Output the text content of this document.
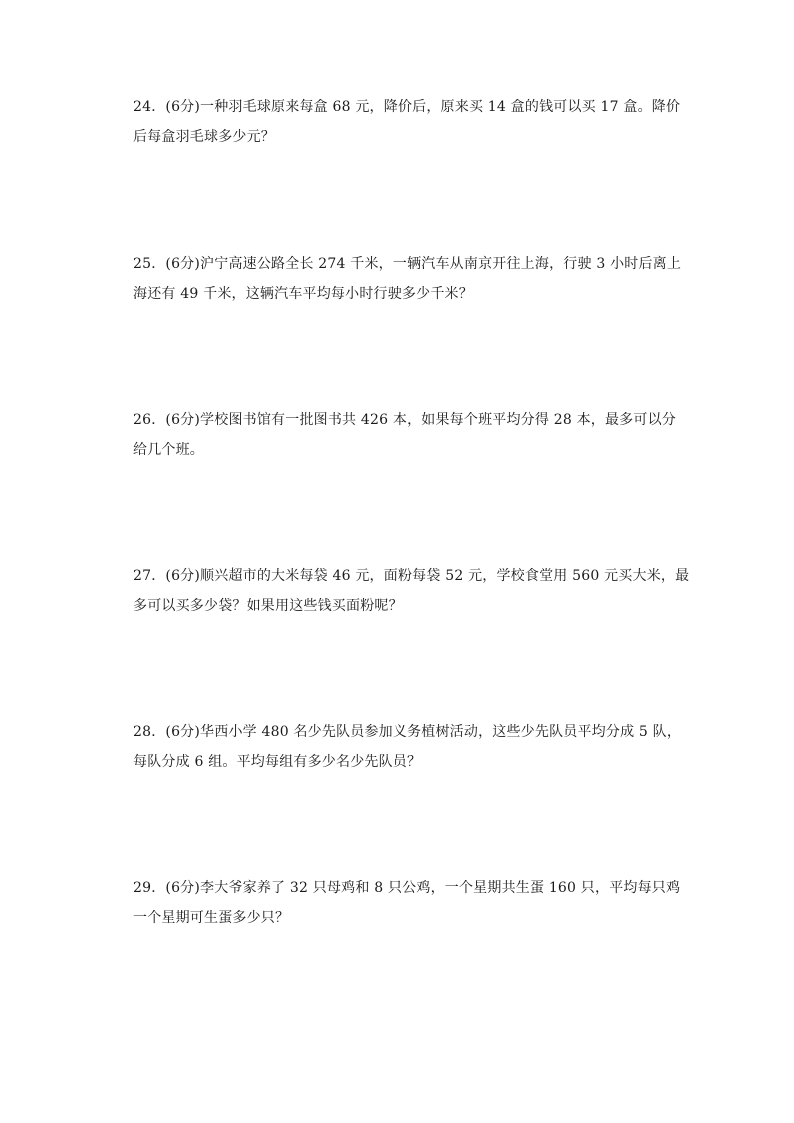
24．(6分)一种羽毛球原来每盒 68 元，降价后，原来买 14 盒的钱可以买 17 盒。降价
后每盒羽毛球多少元？
25．(6分)沪宁高速公路全长 274 千米，一辆汽车从南京开往上海，行驶 3 小时后离上
海还有 49 千米，这辆汽车平均每小时行驶多少千米？
26．(6分)学校图书馆有一批图书共 426 本，如果每个班平均分得 28 本，最多可以分
给几个班。
27．(6分)顺兴超市的大米每袋 46 元，面粉每袋 52 元，学校食堂用 560 元买大米，最
多可以买多少袋？如果用这些钱买面粉呢？
28．(6分)华西小学 480 名少先队员参加义务植树活动，这些少先队员平均分成 5 队，
每队分成 6 组。平均每组有多少名少先队员？
29．(6分)李大爷家养了 32 只母鸡和 8 只公鸡，一个星期共生蛋 160 只，平均每只鸡
一个星期可生蛋多少只？
